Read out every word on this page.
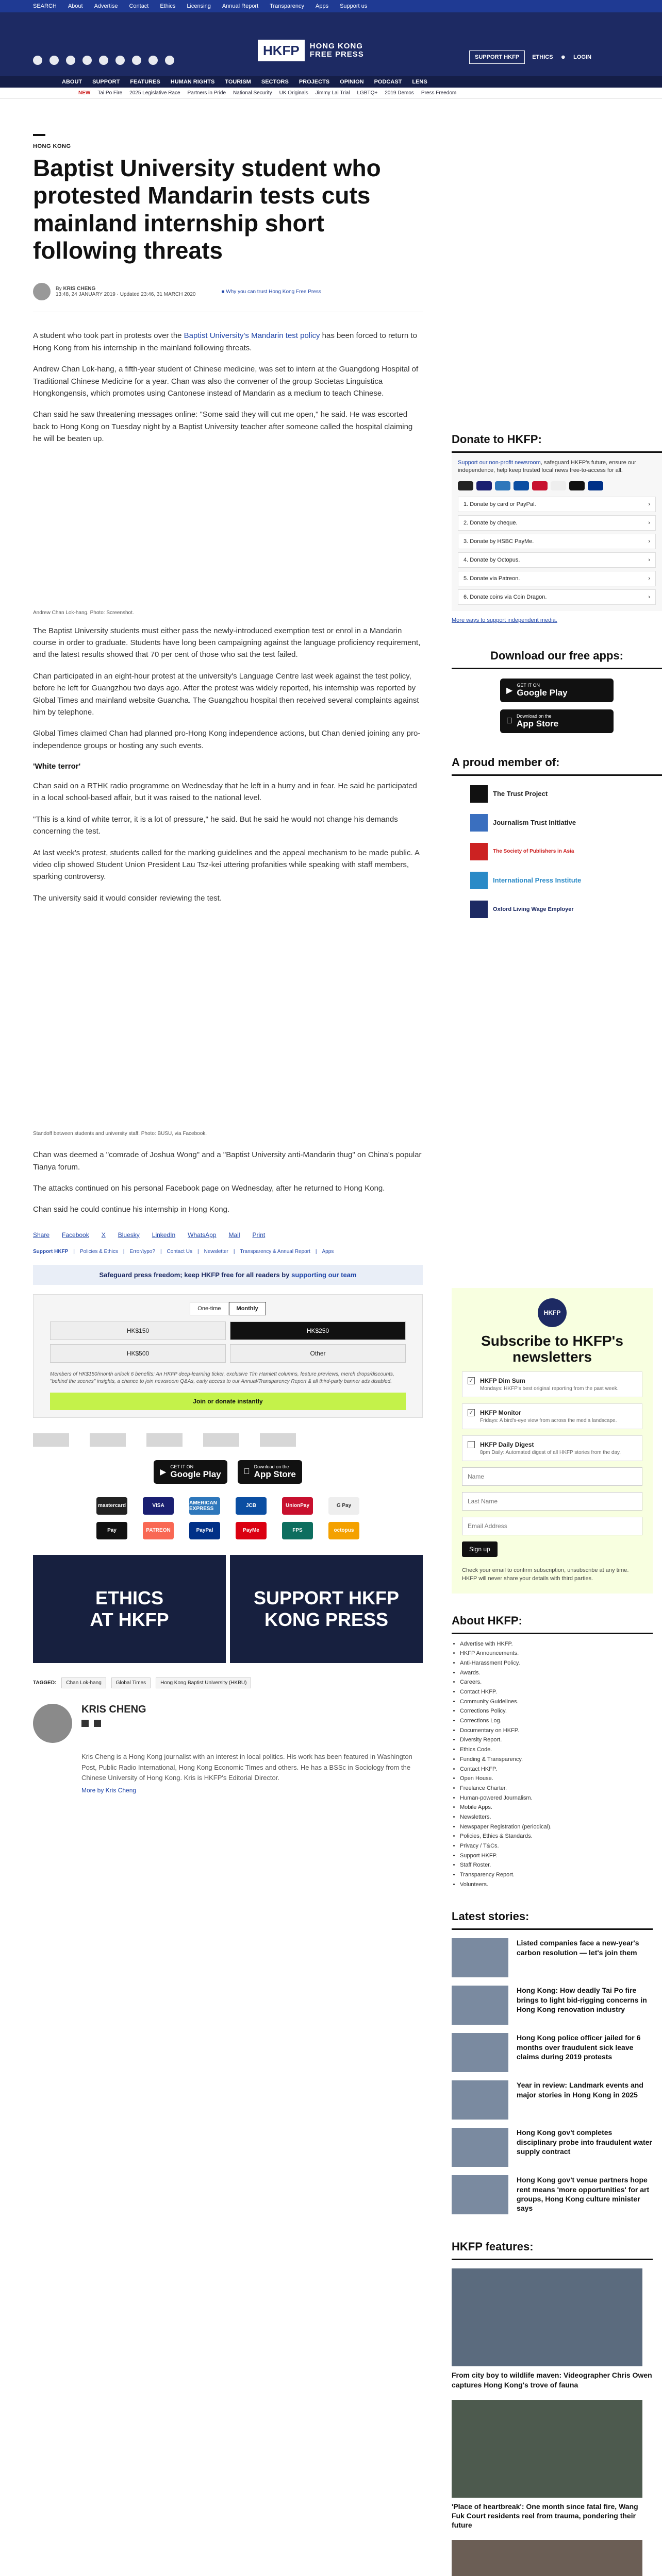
SEARCH About Advertise Contact Ethics Licensing Annual Report Transparency Apps Support us
HKFP	HONG KONG
FREE PRESS	SUPPORT HKFP	ETHICS ☻ LOGIN
ABOUT SUPPORT FEATURES HUMAN RIGHTS TOURISM SECTORS PROJECTS OPINION PODCAST LENS
NEW Tai Po Fire 2025 Legislative Race Partners in Pride National Security UK Originals Jimmy Lai Trial LGBTQ+ 2019 Demos Press Freedom
HONG KONG
Baptist University student who protested Mandarin tests cuts mainland internship short following threats
By KRIS CHENG
13:48, 24 JANUARY 2019 · Updated 23:46, 31 MARCH 2020	■ Why you can trust Hong Kong Free Press

A student who took part in protests over the Baptist University's Mandarin test policy has been forced to return to Hong Kong from his internship in the mainland following threats.

Andrew Chan Lok-hang, a fifth-year student of Chinese medicine, was set to intern at the Guangdong Hospital of Traditional Chinese Medicine for a year. Chan was also the convener of the group Societas Linguistica Hongkongensis, which promotes using Cantonese instead of Mandarin as a medium to teach Chinese.

Chan said he saw threatening messages online: "Some said they will cut me open," he said. He was escorted back to Hong Kong on Tuesday night by a Baptist University teacher after someone called the hospital claiming he will be beaten up.

Andrew Chan Lok-hang. Photo: Screenshot.

The Baptist University students must either pass the newly-introduced exemption test or enrol in a Mandarin course in order to graduate. Students have long been campaigning against the language proficiency requirement, and the latest results showed that 70 per cent of those who sat the test failed.

Chan participated in an eight-hour protest at the university's Language Centre last week against the test policy, before he left for Guangzhou two days ago. After the protest was widely reported, his internship was reported by Global Times and mainland website Guancha. The Guangzhou hospital then received several complaints against him by telephone.

Global Times claimed Chan had planned pro-Hong Kong independence actions, but Chan denied joining any pro-independence groups or hosting any such events.

'White terror'

Chan said on a RTHK radio programme on Wednesday that he left in a hurry and in fear. He said he participated in a local school-based affair, but it was raised to the national level.

"This is a kind of white terror, it is a lot of pressure," he said. But he said he would not change his demands concerning the test.

At last week's protest, students called for the marking guidelines and the appeal mechanism to be made public. A video clip showed Student Union President Lau Tsz-kei uttering profanities while speaking with staff members, sparking controversy.

The university said it would consider reviewing the test.

Standoff between students and university staff. Photo: BUSU, via Facebook.

Chan was deemed a "comrade of Joshua Wong" and a "Baptist University anti-Mandarin thug" on China's popular Tianya forum.

The attacks continued on his personal Facebook page on Wednesday, after he returned to Hong Kong.

Chan said he could continue his internship in Hong Kong.

Share Facebook X Bluesky LinkedIn WhatsApp Mail Print
Support HKFP | Policies & Ethics | Error/typo? | Contact Us | Newsletter | Transparency & Annual Report | Apps
Safeguard press freedom; keep HKFP free for all readers by supporting our team
One-time	Monthly
HK$150	HK$250
HK$500	Other
Members of HK$150/month unlock 6 benefits: An HKFP deep-learning ticker, exclusive Tim Hamlett columns, feature previews, merch drops/discounts, "behind the scenes" insights, a chance to join newsroom Q&As, early access to our Annual/Transparency Report & all third-party banner ads disabled.
Join or donate instantly
▶
GET IT ON
Google Play
Download on the
App Store
mastercard	VISA	AMERICAN EXPRESS	JCB	UnionPay	G Pay
Pay	PATREON	PayPal	PayMe	FPS	octopus
ETHICS
AT HKFP
SUPPORT HKFP
KONG PRESS
TAGGED:	Chan Lok-hang	Global Times	Hong Kong Baptist University (HKBU)
KRIS CHENG

Kris Cheng is a Hong Kong journalist with an interest in local politics. His work has been featured in Washington Post, Public Radio International, Hong Kong Economic Times and others. He has a BSSc in Sociology from the Chinese University of Hong Kong. Kris is HKFP's Editorial Director.

More by Kris Cheng
Donate to HKFP:

Support our non-profit newsroom, safeguard HKFP's future, ensure our independence, help keep trusted local news free-to-access for all.

1. Donate by card or PayPal.	›
2. Donate by cheque.	›
3. Donate by HSBC PayMe.	›
4. Donate by Octopus.	›
5. Donate via Patreon.	›
6. Donate coins via Coin Dragon.	›
More ways to support independent media.
Download our free apps:
▶
GET IT ON
Google Play
Download on the
App Store
A proud member of:
The Trust Project
Journalism Trust Initiative
The Society of Publishers in Asia
International Press Institute
Oxford Living Wage Employer
HKFP
Subscribe to HKFP's newsletters
✓ HKFP Dim Sum
Mondays: HKFP's best original reporting from the past week.
✓ HKFP Monitor
Fridays: A bird's-eye view from across the media landscape.
HKFP Daily Digest
8pm Daily: Automated digest of all HKFP stories from the day.
Name
Last Name
Email Address
Sign up

Check your email to confirm subscription, unsubscribe at any time. HKFP will never share your details with third parties.

About HKFP:
• Advertise with HKFP.
• HKFP Announcements.
• Anti-Harassment Policy.
• Awards.
• Careers.
• Contact HKFP.
• Community Guidelines.
• Corrections Policy.
• Corrections Log.
• Documentary on HKFP.
• Diversity Report.
• Ethics Code.
• Funding & Transparency.
• Contact HKFP.
• Open House.
• Freelance Charter.
• Human-powered Journalism.
• Mobile Apps.
• Newsletters.
• Newspaper Registration (periodical).
• Policies, Ethics & Standards.
• Privacy / T&Cs.
• Support HKFP.
• Staff Roster.
• Transparency Report.
• Volunteers.
Latest stories:
Listed companies face a new-year's carbon resolution — let's join them
Hong Kong: How deadly Tai Po fire brings to light bid-rigging concerns in Hong Kong renovation industry
Hong Kong police officer jailed for 6 months over fraudulent sick leave claims during 2019 protests
Year in review: Landmark events and major stories in Hong Kong in 2025
Hong Kong gov't completes disciplinary probe into fraudulent water supply contract
Hong Kong gov't venue partners hope rent means 'more opportunities' for art groups, Hong Kong culture minister says
HKFP features:
From city boy to wildlife maven: Videographer Chris Owen captures Hong Kong's trove of fauna
'Place of heartbreak': One month since fatal fire, Wang Fuk Court residents reel from trauma, pondering their future
